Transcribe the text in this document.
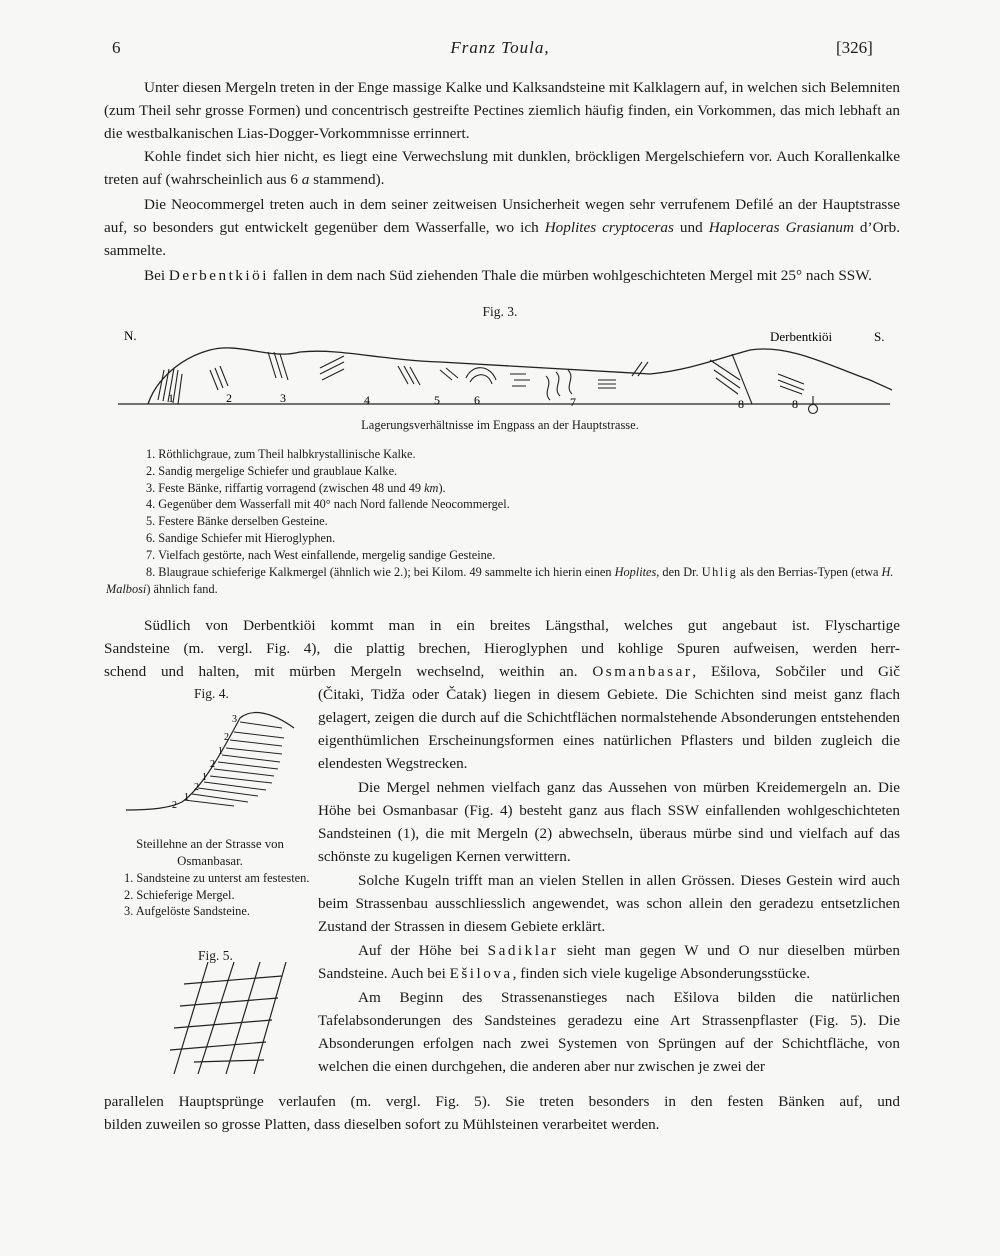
6	Franz Toula,	[326]

Unter diesen Mergeln treten in der Enge massige Kalke und Kalksandsteine mit Kalklagern auf, in welchen sich Belemniten (zum Theil sehr grosse Formen) und concentrisch gestreifte Pectines ziemlich häufig finden, ein Vorkommen, das mich lebhaft an die westbalkanischen Lias-Dogger-Vorkommnisse errinnert.

Kohle findet sich hier nicht, es liegt eine Verwechslung mit dunklen, bröckligen Mergelschiefern vor. Auch Korallenkalke treten auf (wahrscheinlich aus 6 a stammend).

Die Neocommergel treten auch in dem seiner zeitweisen Unsicherheit wegen sehr verrufenem Defilé an der Hauptstrasse auf, so besonders gut entwickelt gegenüber dem Wasserfalle, wo ich Hoplites cryptoceras und Haploceras Grasianum d’Orb. sammelte.

Bei Derbentkiöi fallen in dem nach Süd ziehenden Thale die mürben wohlgeschichteten Mergel mit 25° nach SSW.

Fig. 3.
N.	Derbentkiöi	S.
1	2	3	4	5	6	7	8	8
Lagerungsverhältnisse im Engpass an der Hauptstrasse.
1. Röthlichgraue, zum Theil halbkrystallinische Kalke.
2. Sandig mergelige Schiefer und graublaue Kalke.
3. Feste Bänke, riffartig vorragend (zwischen 48 und 49 km).
4. Gegenüber dem Wasserfall mit 40° nach Nord fallende Neocommergel.
5. Festere Bänke derselben Gesteine.
6. Sandige Schiefer mit Hieroglyphen.
7. Vielfach gestörte, nach West einfallende, mergelig sandige Gesteine.
8. Blaugraue schieferige Kalkmergel (ähnlich wie 2.); bei Kilom. 49 sammelte ich hierin einen Hoplites, den Dr. Uhlig als den Berrias-Typen (etwa H. Malbosi) ähnlich fand.
Südlich von Derbentkiöi kommt man in ein breites Längsthal, welches gut angebaut ist. Flyschartige
Sandsteine (m. vergl. Fig. 4), die plattig brechen, Hieroglyphen und kohlige Spuren aufweisen, werden herr-
schend und halten, mit mürben Mergeln wechselnd, weithin an. Osmanbasar, Ešilova, Sobčiler und Gič

(Čitaki, Tidža oder Čatak) liegen in diesem Gebiete. Die Schichten sind meist ganz flach gelagert, zeigen die durch auf die Schichtflächen normalstehende Absonderungen entstehenden eigenthümlichen Erscheinungsformen eines natürlichen Pflasters und bilden zugleich die elendesten Wegstrecken.

Die Mergel nehmen vielfach ganz das Aussehen von mürben Kreidemergeln an. Die Höhe bei Osmanbasar (Fig. 4) besteht ganz aus flach SSW einfallenden wohlgeschichteten Sandsteinen (1), die mit Mergeln (2) abwechseln, überaus mürbe sind und vielfach auf das schönste zu kugeligen Kernen verwittern.

Solche Kugeln trifft man an vielen Stellen in allen Grössen. Dieses Gestein wird auch beim Strassenbau ausschliesslich angewendet, was schon allein den geradezu entsetzlichen Zustand der Strassen in diesem Gebiete erklärt.

Auf der Höhe bei Sadiklar sieht man gegen W und O nur dieselben mürben Sandsteine. Auch bei Ešilova, finden sich viele kugelige Absonderungsstücke.

Am Beginn des Strassenanstieges nach Ešilova bilden die natürlichen Tafelabsonderungen des Sandsteines geradezu eine Art Strassenpflaster (Fig. 5). Die Absonderungen erfolgen nach zwei Systemen von Sprüngen auf der Schichtfläche, von welchen die einen durchgehen, die anderen aber nur zwischen je zwei der

parallelen Hauptsprünge verlaufen (m. vergl. Fig. 5). Sie treten besonders in den festen Bänken auf, und
bilden zuweilen so grosse Platten, dass dieselben sofort zu Mühlsteinen verarbeitet werden.
Fig. 4.
3
2
1
2
1
2
1
2
Steillehne an der Strasse von Osmanbasar.
1. Sandsteine zu unterst am festesten.
2. Schieferige Mergel.
3. Aufgelöste Sandsteine.
Fig. 5.
